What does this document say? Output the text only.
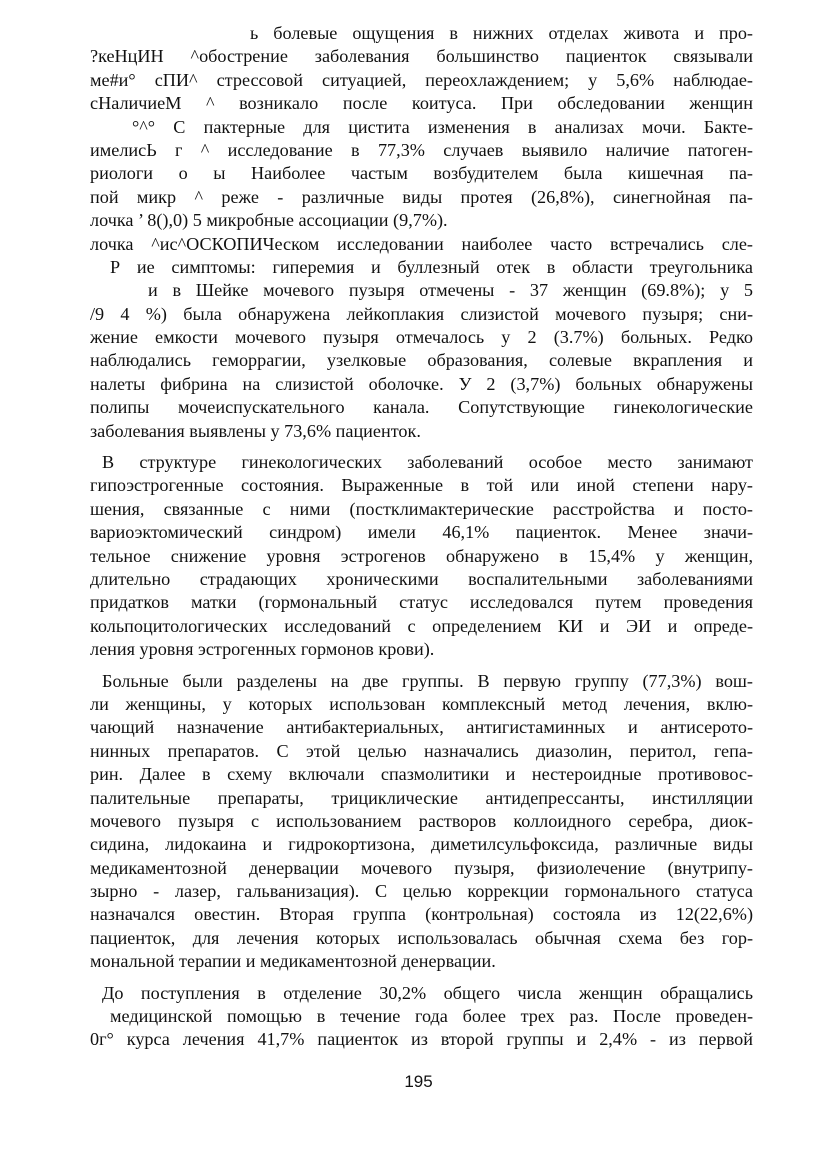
ь болевые ощущения в нижних отделах живота и про-
?кеНцИН ^обострение заболевания большинство пациенток связывали
ме#и° сПИ^ стрессовой ситуацией, переохлаждением; у 5,6% наблюдае-
сНаличиеМ ^ возникало после коитуса. При обследовании женщин
°^° С пактерные для цистита изменения в анализах мочи. Бакте-
имелисЬ г ^ исследование в 77,3% случаев выявило наличие патоген-
риологи о ы Наиболее частым возбудителем была кишечная па-
пой микр ^ реже - различные виды протея (26,8%), синегнойная па-
лочка ’ 8(),0) 5 микробные ассоциации (9,7%).
лочка ^ис^ОСКОПИЧеском исследовании наиболее часто встречались сле-
Р ие симптомы: гиперемия и буллезный отек в области треугольника
и в Шейке мочевого пузыря отмечены - 37 женщин (69.8%); у 5
/9 4 %) была обнаружена лейкоплакия слизистой мочевого пузыря; сни-
жение емкости мочевого пузыря отмечалось у 2 (3.7%) больных. Редко
наблюдались геморрагии, узелковые образования, солевые вкрапления и
налеты фибрина на слизистой оболочке. У 2 (3,7%) больных обнаружены
полипы мочеиспускательного канала. Сопутствующие гинекологические
заболевания выявлены у 73,6% пациенток.
В структуре гинекологических заболеваний особое место занимают
гипоэстрогенные состояния. Выраженные в той или иной степени нару-
шения, связанные с ними (постклимактерические расстройства и посто-
вариоэктомический синдром) имели 46,1% пациенток. Менее значи-
тельное снижение уровня эстрогенов обнаружено в 15,4% у женщин,
длительно страдающих хроническими воспалительными заболеваниями
придатков матки (гормональный статус исследовался путем проведения
кольпоцитологических исследований с определением КИ и ЭИ и опреде-
ления уровня эстрогенных гормонов крови).
Больные были разделены на две группы. В первую группу (77,3%) вош-
ли женщины, у которых использован комплексный метод лечения, вклю-
чающий назначение антибактериальных, антигистаминных и антисерото-
нинных препаратов. С этой целью назначались диазолин, перитол, гепа-
рин. Далее в схему включали спазмолитики и нестероидные противовос-
палительные препараты, трициклические антидепрессанты, инстилляции
мочевого пузыря с использованием растворов коллоидного серебра, диок-
сидина, лидокаина и гидрокортизона, диметилсульфоксида, различные виды
медикаментозной денервации мочевого пузыря, физиолечение (внутрипу-
зырно - лазер, гальванизация). С целью коррекции гормонального статуса
назначался овестин. Вторая группа (контрольная) состояла из 12(22,6%)
пациенток, для лечения которых использовалась обычная схема без гор-
мональной терапии и медикаментозной денервации.
До поступления в отделение 30,2% общего числа женщин обращались
медицинской помощью в течение года более трех раз. После проведен-
0г° курса лечения 41,7% пациенток из второй группы и 2,4% - из первой
195
